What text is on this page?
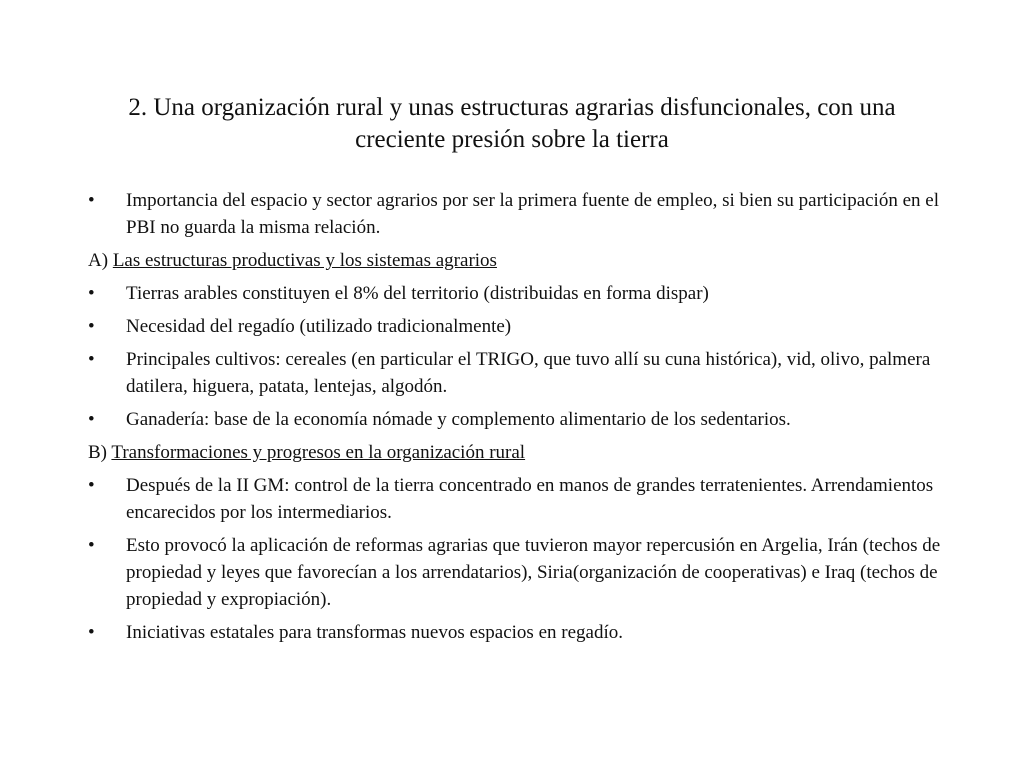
2. Una organización rural y unas estructuras agrarias disfuncionales, con una creciente presión sobre la tierra
• Importancia del espacio y sector agrarios por ser la primera fuente de empleo, si bien su participación en el PBI no guarda la misma relación.
A) Las estructuras productivas y los sistemas agrarios
• Tierras arables constituyen el 8% del territorio (distribuidas en forma dispar)
• Necesidad del regadío (utilizado tradicionalmente)
• Principales cultivos: cereales (en particular el TRIGO, que tuvo allí su cuna histórica), vid, olivo, palmera datilera, higuera, patata, lentejas, algodón.
• Ganadería: base de la economía nómade y complemento alimentario de los sedentarios.
B) Transformaciones y progresos en la organización rural
• Después de la II GM: control de la tierra concentrado en manos de grandes terratenientes. Arrendamientos encarecidos por los intermediarios.
• Esto provocó la aplicación de reformas agrarias que tuvieron mayor repercusión en Argelia, Irán (techos de propiedad y leyes que favorecían a los arrendatarios), Siria(organización de cooperativas) e Iraq (techos de propiedad y expropiación).
• Iniciativas estatales para transformas nuevos espacios en regadío.
